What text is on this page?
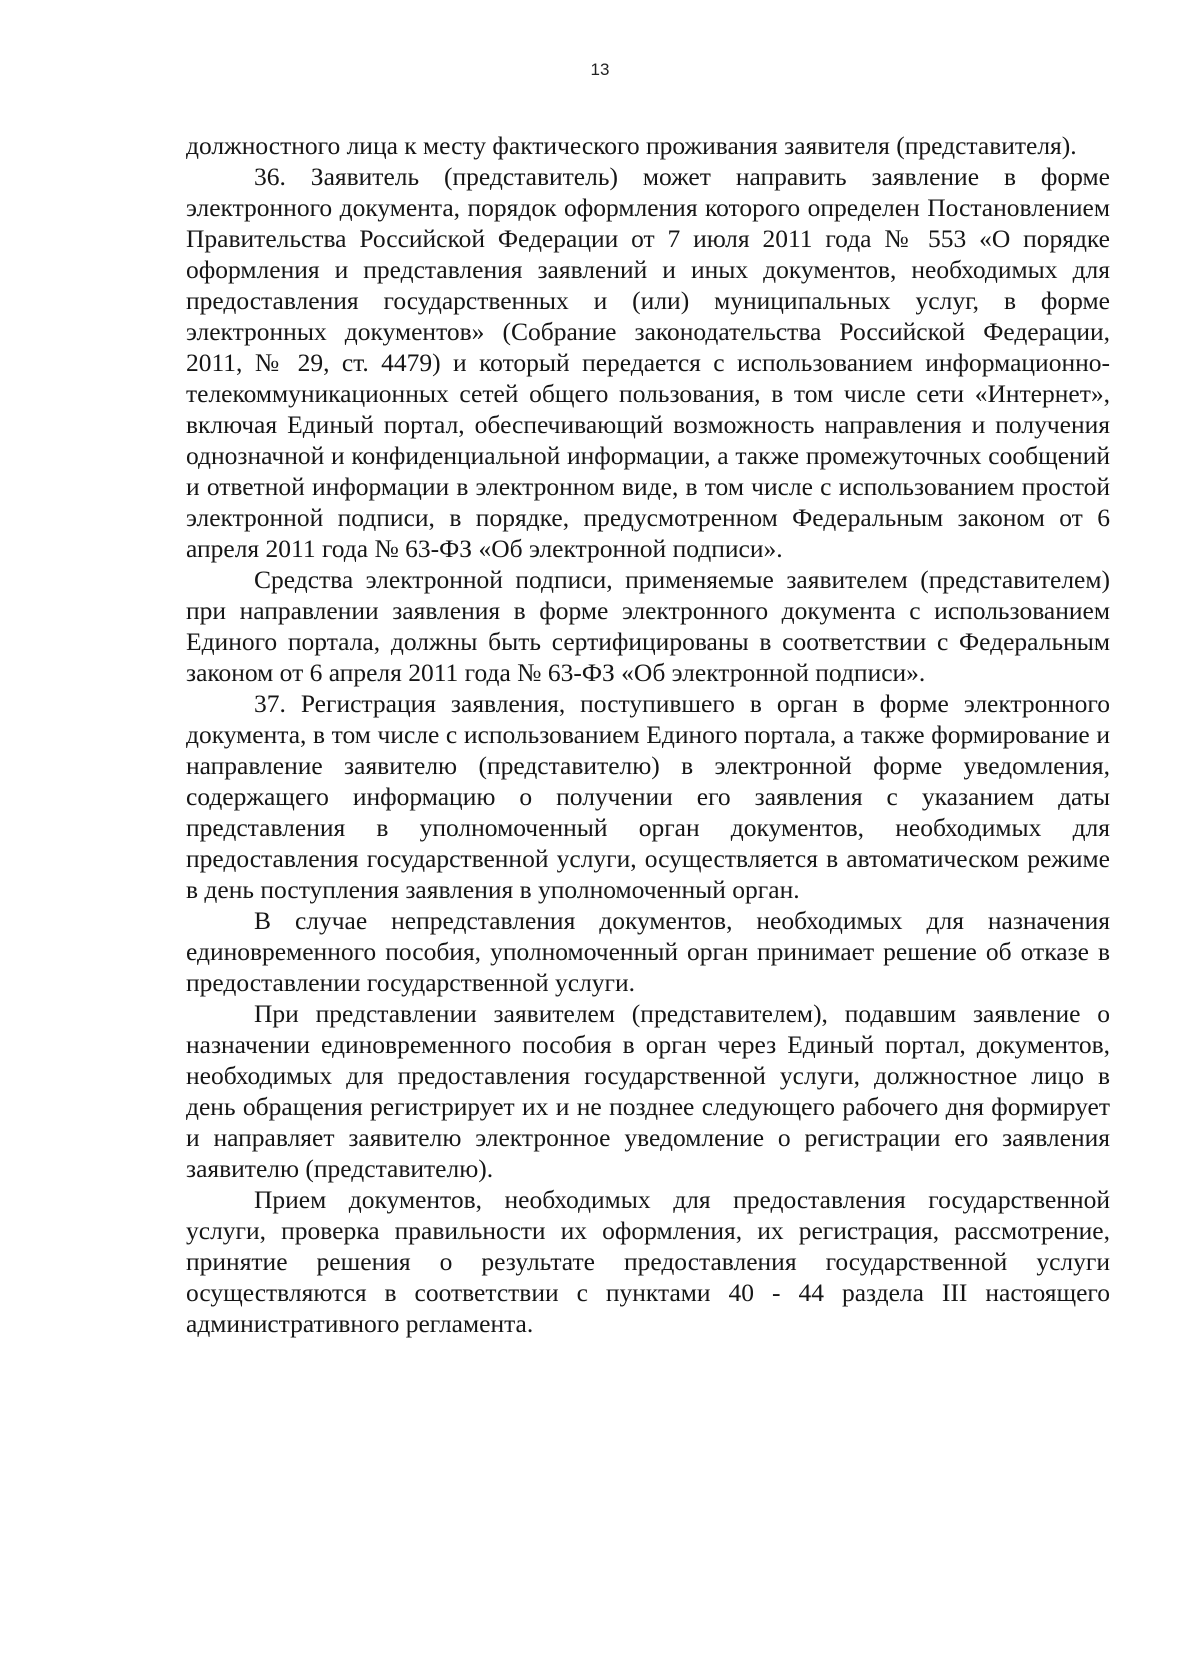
13

должностного лица к месту фактического проживания заявителя (представителя).

36. Заявитель (представитель) может направить заявление в форме электронного документа, порядок оформления которого определен Постановлением Правительства Российской Федерации от 7 июля 2011 года № 553 «О порядке оформления и представления заявлений и иных документов, необходимых для предоставления государственных и (или) муниципальных услуг, в форме электронных документов» (Собрание законодательства Российской Федерации, 2011, № 29, ст. 4479) и который передается с использованием информационно-телекоммуникационных сетей общего пользования, в том числе сети «Интернет», включая Единый портал, обеспечивающий возможность направления и получения однозначной и конфиденциальной информации, а также промежуточных сообщений и ответной информации в электронном виде, в том числе с использованием простой электронной подписи, в порядке, предусмотренном Федеральным законом от 6 апреля 2011 года № 63-ФЗ «Об электронной подписи».

Средства электронной подписи, применяемые заявителем (представителем) при направлении заявления в форме электронного документа с использованием Единого портала, должны быть сертифицированы в соответствии с Федеральным законом от 6 апреля 2011 года № 63-ФЗ «Об электронной подписи».

37. Регистрация заявления, поступившего в орган в форме электронного документа, в том числе с использованием Единого портала, а также формирование и направление заявителю (представителю) в электронной форме уведомления, содержащего информацию о получении его заявления с указанием даты представления в уполномоченный орган документов, необходимых для предоставления государственной услуги, осуществляется в автоматическом режиме в день поступления заявления в уполномоченный орган.

В случае непредставления документов, необходимых для назначения единовременного пособия, уполномоченный орган принимает решение об отказе в предоставлении государственной услуги.

При представлении заявителем (представителем), подавшим заявление о назначении единовременного пособия в орган через Единый портал, документов, необходимых для предоставления государственной услуги, должностное лицо в день обращения регистрирует их и не позднее следующего рабочего дня формирует и направляет заявителю электронное уведомление о регистрации его заявления заявителю (представителю).

Прием документов, необходимых для предоставления государственной услуги, проверка правильности их оформления, их регистрация, рассмотрение, принятие решения о результате предоставления государственной услуги осуществляются в соответствии с пунктами 40 - 44 раздела III настоящего административного регламента.
